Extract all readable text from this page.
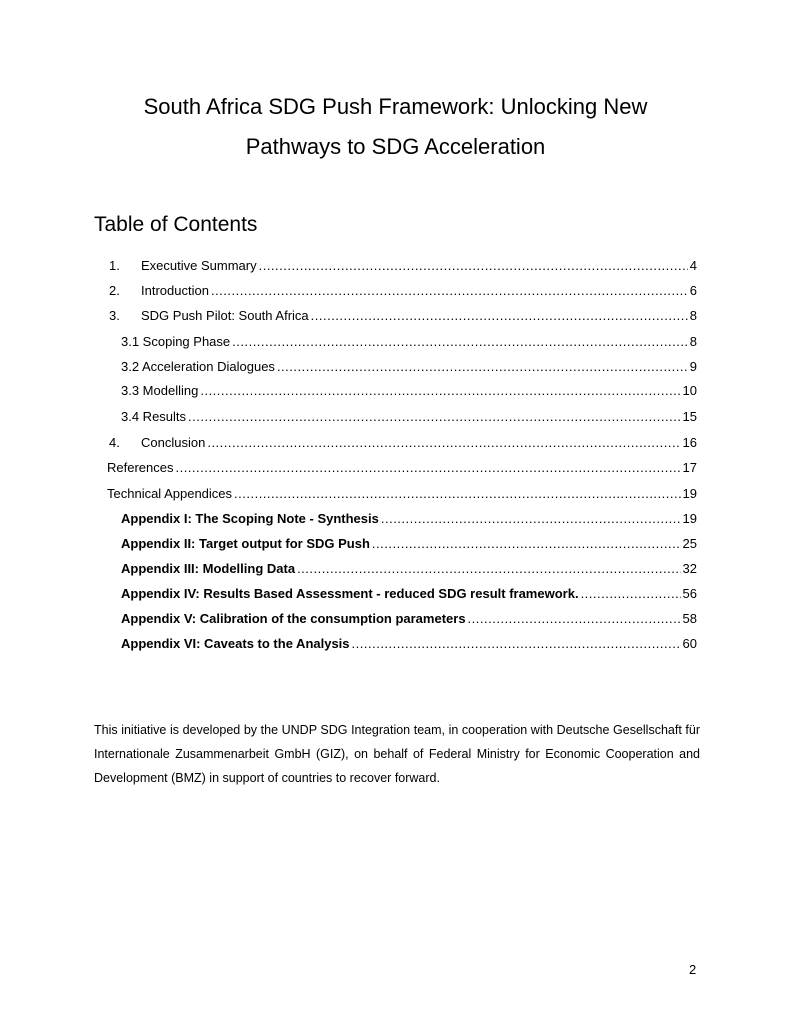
South Africa SDG Push Framework: Unlocking New
Pathways to SDG Acceleration
Table of Contents
1.	Executive Summary .....	4
2.	Introduction .....	6
3.	SDG Push Pilot: South Africa .....	8
3.1 Scoping Phase .....	8
3.2 Acceleration Dialogues .....	9
3.3 Modelling .....	10
3.4 Results .....	15
4.	Conclusion .....	16
References .....	17
Technical Appendices .....	19
Appendix I: The Scoping Note - Synthesis .....	19
Appendix II: Target output for SDG Push .....	25
Appendix III: Modelling Data .....	32
Appendix IV: Results Based Assessment - reduced SDG result framework. .....	56
Appendix V: Calibration of the consumption parameters .....	58
Appendix VI: Caveats to the Analysis .....	60
This initiative is developed by the UNDP SDG Integration team, in cooperation with Deutsche Gesellschaft für Internationale Zusammenarbeit GmbH (GIZ), on behalf of Federal Ministry for Economic Cooperation and Development (BMZ) in support of countries to recover forward.
2
